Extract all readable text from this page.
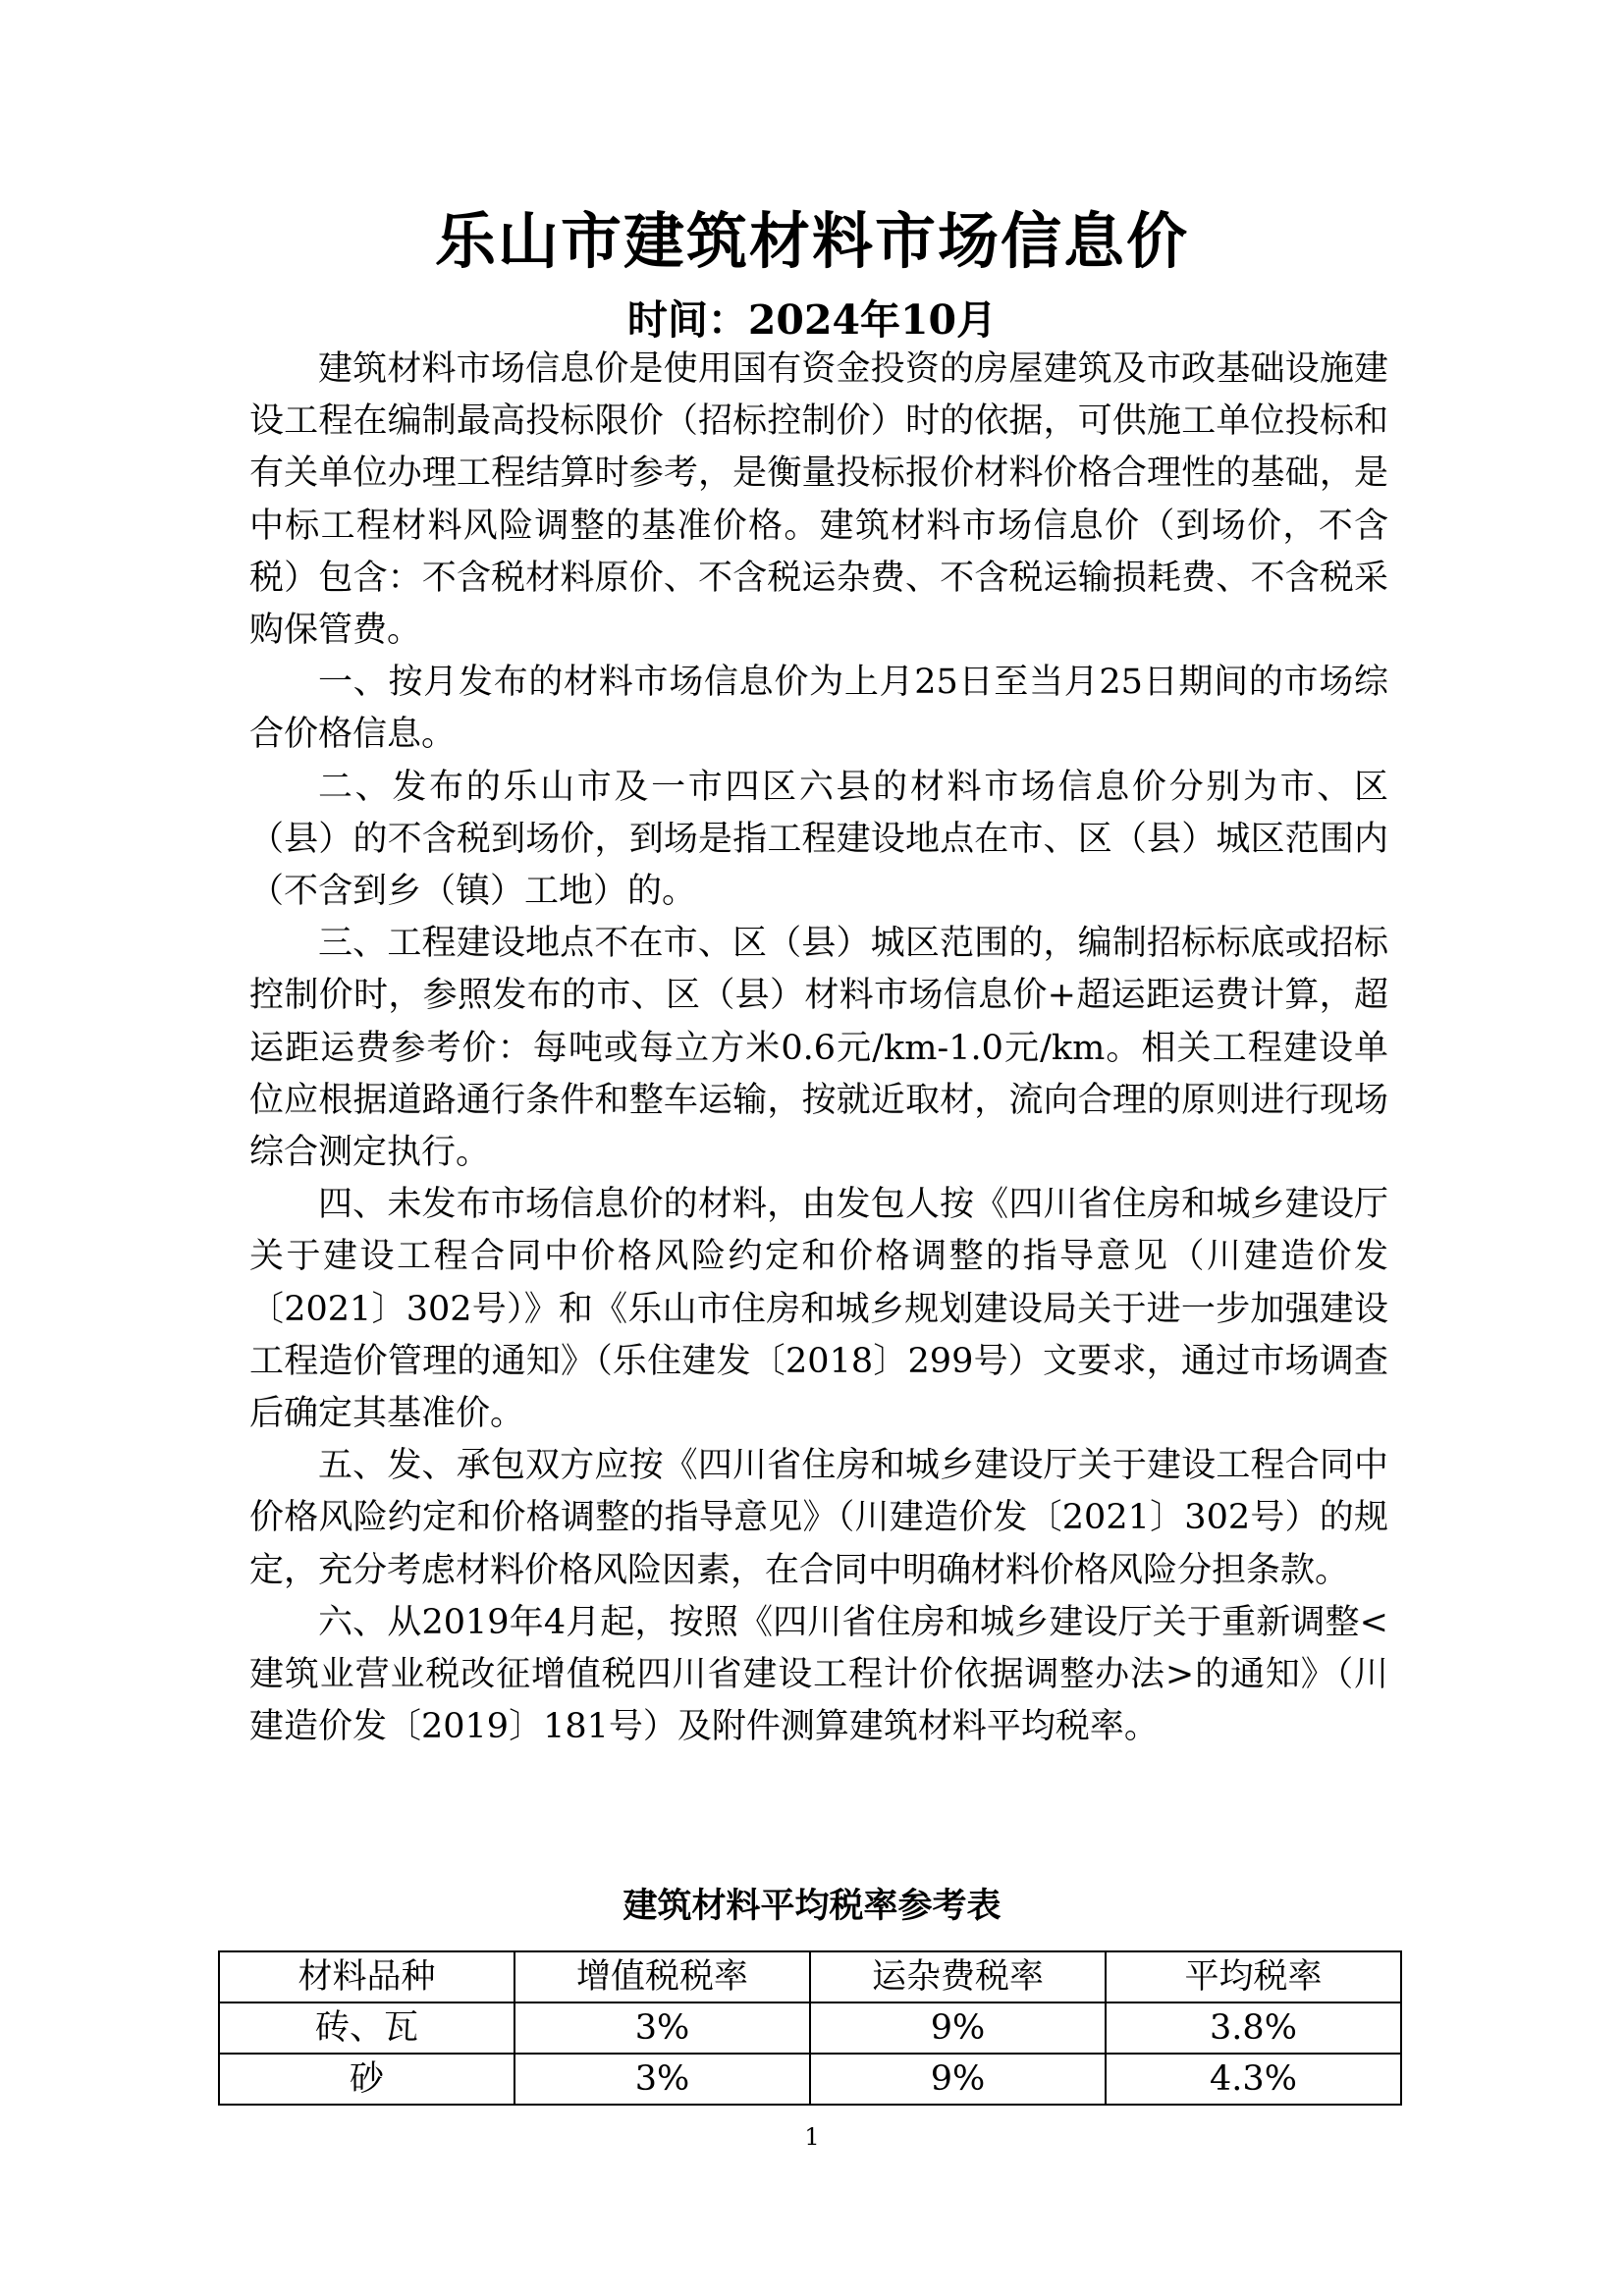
乐山市建筑材料市场信息价
时间：2024年10月

建筑材料市场信息价是使用国有资金投资的房屋建筑及市政基础设施建设工程在编制最高投标限价（招标控制价）时的依据，可供施工单位投标和有关单位办理工程结算时参考，是衡量投标报价材料价格合理性的基础，是中标工程材料风险调整的基准价格。建筑材料市场信息价（到场价，不含税）包含：不含税材料原价、不含税运杂费、不含税运输损耗费、不含税采购保管费。

一、按月发布的材料市场信息价为上月25日至当月25日期间的市场综合价格信息。

二、发布的乐山市及一市四区六县的材料市场信息价分别为市、区（县）的不含税到场价，到场是指工程建设地点在市、区（县）城区范围内（不含到乡（镇）工地）的。

三、工程建设地点不在市、区（县）城区范围的，编制招标标底或招标控制价时，参照发布的市、区（县）材料市场信息价+超运距运费计算，超运距运费参考价：每吨或每立方米0.6元/km-1.0元/km。相关工程建设单位应根据道路通行条件和整车运输，按就近取材，流向合理的原则进行现场综合测定执行。

四、未发布市场信息价的材料，由发包人按《四川省住房和城乡建设厅关于建设工程合同中价格风险约定和价格调整的指导意见（川建造价发〔2021〕302号）》和《乐山市住房和城乡规划建设局关于进一步加强建设工程造价管理的通知》（乐住建发〔2018〕299号）文要求，通过市场调查后确定其基准价。

五、发、承包双方应按《四川省住房和城乡建设厅关于建设工程合同中价格风险约定和价格调整的指导意见》（川建造价发〔2021〕302号）的规定，充分考虑材料价格风险因素，在合同中明确材料价格风险分担条款。

六、从2019年4月起，按照《四川省住房和城乡建设厅关于重新调整<建筑业营业税改征增值税四川省建设工程计价依据调整办法>的通知》（川建造价发〔2019〕181号）及附件测算建筑材料平均税率。

建筑材料平均税率参考表
材料品种	增值税税率	运杂费税率	平均税率
砖、瓦	3%	9%	3.8%
砂	3%	9%	4.3%
1
